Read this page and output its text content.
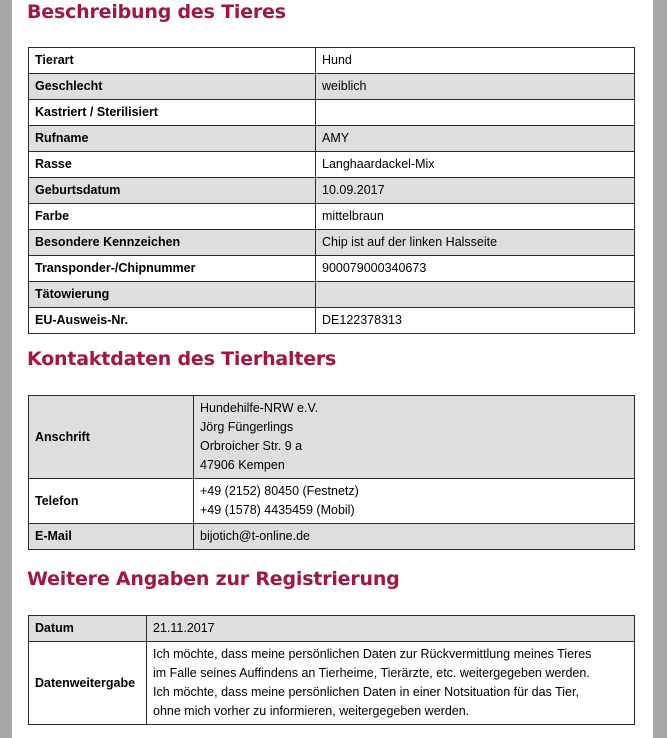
Beschreibung des Tieres
Tierart	Hund
Geschlecht	weiblich
Kastriert / Sterilisiert	
Rufname	AMY
Rasse	Langhaardackel-Mix
Geburtsdatum	10.09.2017
Farbe	mittelbraun
Besondere Kennzeichen	Chip ist auf der linken Halsseite
Transponder-/Chipnummer	900079000340673
Tätowierung	
EU-Ausweis-Nr.	DE122378313
Kontaktdaten des Tierhalters
Anschrift	Hundehilfe-NRW e.V.
Jörg Füngerlings
Orbroicher Str. 9 a
47906 Kempen

Telefon	+49 (2152) 80450 (Festnetz)
+49 (1578) 4435459 (Mobil)

E-Mail	bijotich@t-online.de
Weitere Angaben zur Registrierung
Datum	21.11.2017
Datenweitergabe	Ich möchte, dass meine persönlichen Daten zur Rückvermittlung meines Tieres
im Falle seines Auffindens an Tierheime, Tierärzte, etc. weitergegeben werden.
Ich möchte, dass meine persönlichen Daten in einer Notsituation für das Tier,
ohne mich vorher zu informieren, weitergegeben werden.
